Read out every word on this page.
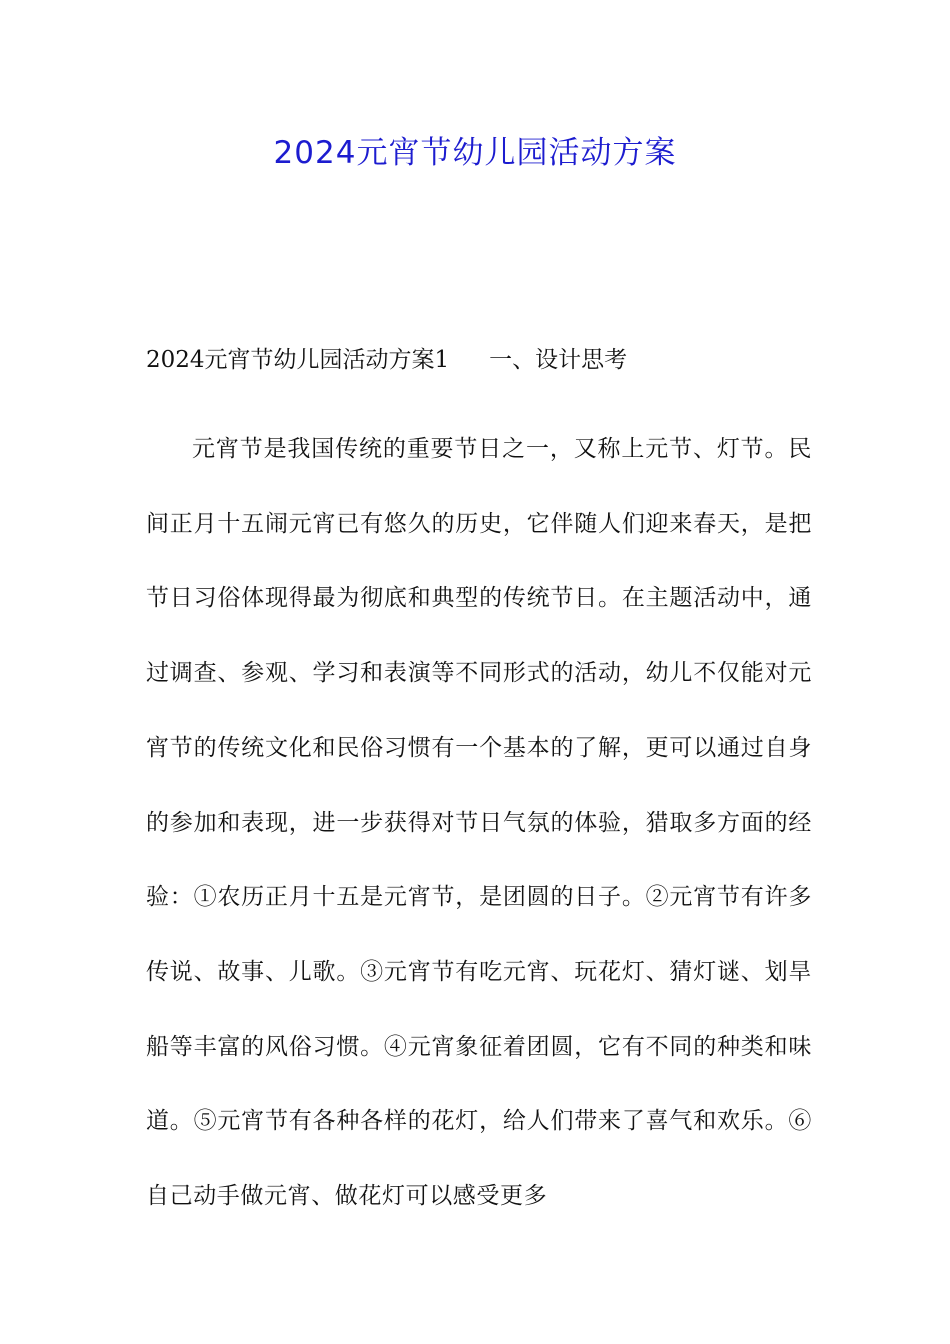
2024元宵节幼儿园活动方案
2024元宵节幼儿园活动方案1 一、设计思考

元宵节是我国传统的重要节日之一，又称上元节、灯节。民间正月十五闹元宵已有悠久的历史，它伴随人们迎来春天，是把节日习俗体现得最为彻底和典型的传统节日。在主题活动中，通过调查、参观、学习和表演等不同形式的活动，幼儿不仅能对元宵节的传统文化和民俗习惯有一个基本的了解，更可以通过自身的参加和表现，进一步获得对节日气氛的体验，猎取多方面的经验：①农历正月十五是元宵节，是团圆的日子。②元宵节有许多传说、故事、儿歌。③元宵节有吃元宵、玩花灯、猜灯谜、划旱船等丰富的风俗习惯。④元宵象征着团圆，它有不同的种类和味道。⑤元宵节有各种各样的花灯，给人们带来了喜气和欢乐。⑥自己动手做元宵、做花灯可以感受更多
